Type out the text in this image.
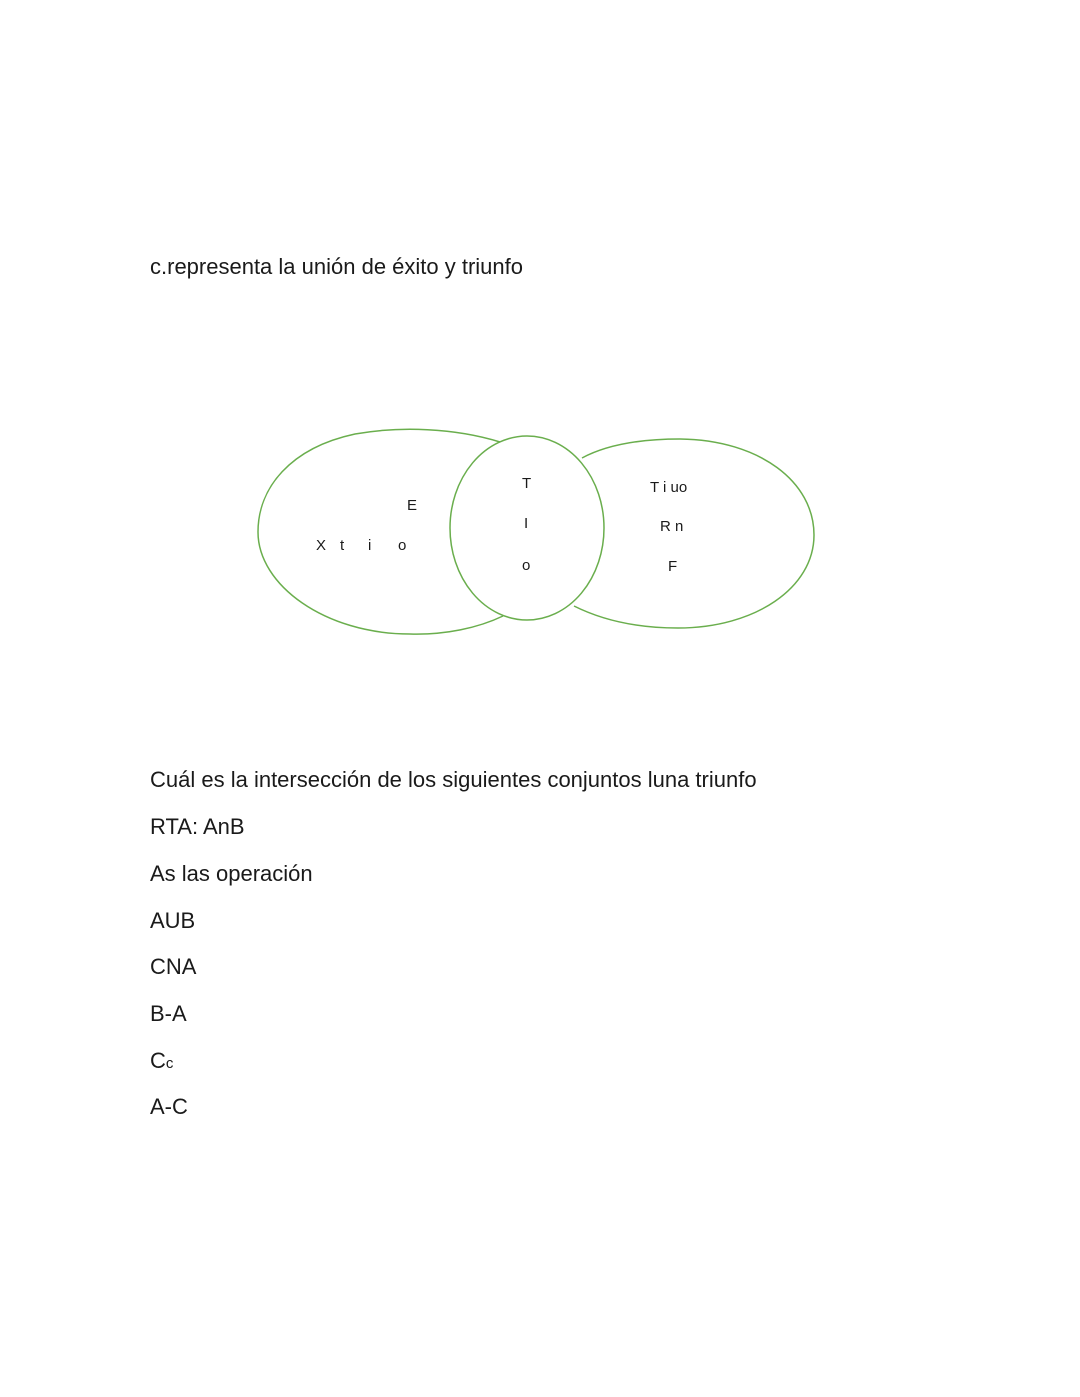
c.representa la unión de éxito y triunfo
E
X t i o
T
I
o
T i uo
R n
F
Cuál es la intersección de los siguientes conjuntos luna triunfo
RTA: AnB
As las operación
AUB
CNA
B-A
Cc
A-C
